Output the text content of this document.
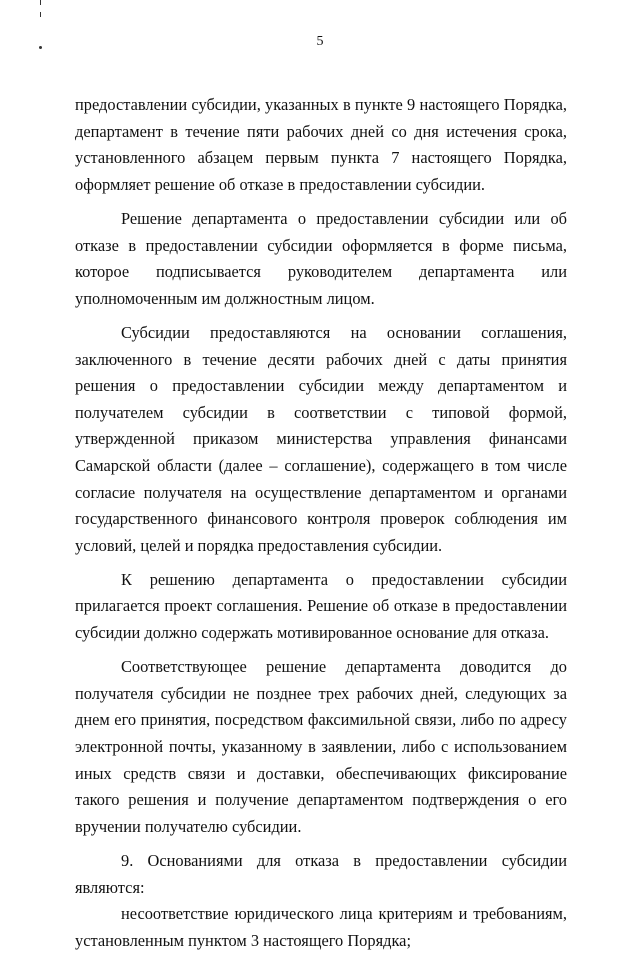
5

предоставлении субсидии, указанных в пункте 9 настоящего Порядка, департамент в течение пяти рабочих дней со дня истечения срока, установленного абзацем первым пункта 7 настоящего Порядка, оформляет решение об отказе в предоставлении субсидии.

Решение департамента о предоставлении субсидии или об отказе в предоставлении субсидии оформляется в форме письма, которое подписывается руководителем департамента или уполномоченным им должностным лицом.

Субсидии предоставляются на основании соглашения, заключенного в течение десяти рабочих дней с даты принятия решения о предоставлении субсидии между департаментом и получателем субсидии в соответствии с типовой формой, утвержденной приказом министерства управления финансами Самарской области (далее – соглашение), содержащего в том числе согласие получателя на осуществление департаментом и органами государственного финансового контроля проверок соблюдения им условий, целей и порядка предоставления субсидии.

К решению департамента о предоставлении субсидии прилагается проект соглашения. Решение об отказе в предоставлении субсидии должно содержать мотивированное основание для отказа.

Соответствующее решение департамента доводится до получателя субсидии не позднее трех рабочих дней, следующих за днем его принятия, посредством факсимильной связи, либо по адресу электронной почты, указанному в заявлении, либо с использованием иных средств связи и доставки, обеспечивающих фиксирование такого решения и получение департаментом подтверждения о его вручении получателю субсидии.

9. Основаниями для отказа в предоставлении субсидии являются:

несоответствие юридического лица критериям и требованиям, установленным пунктом 3 настоящего Порядка;
